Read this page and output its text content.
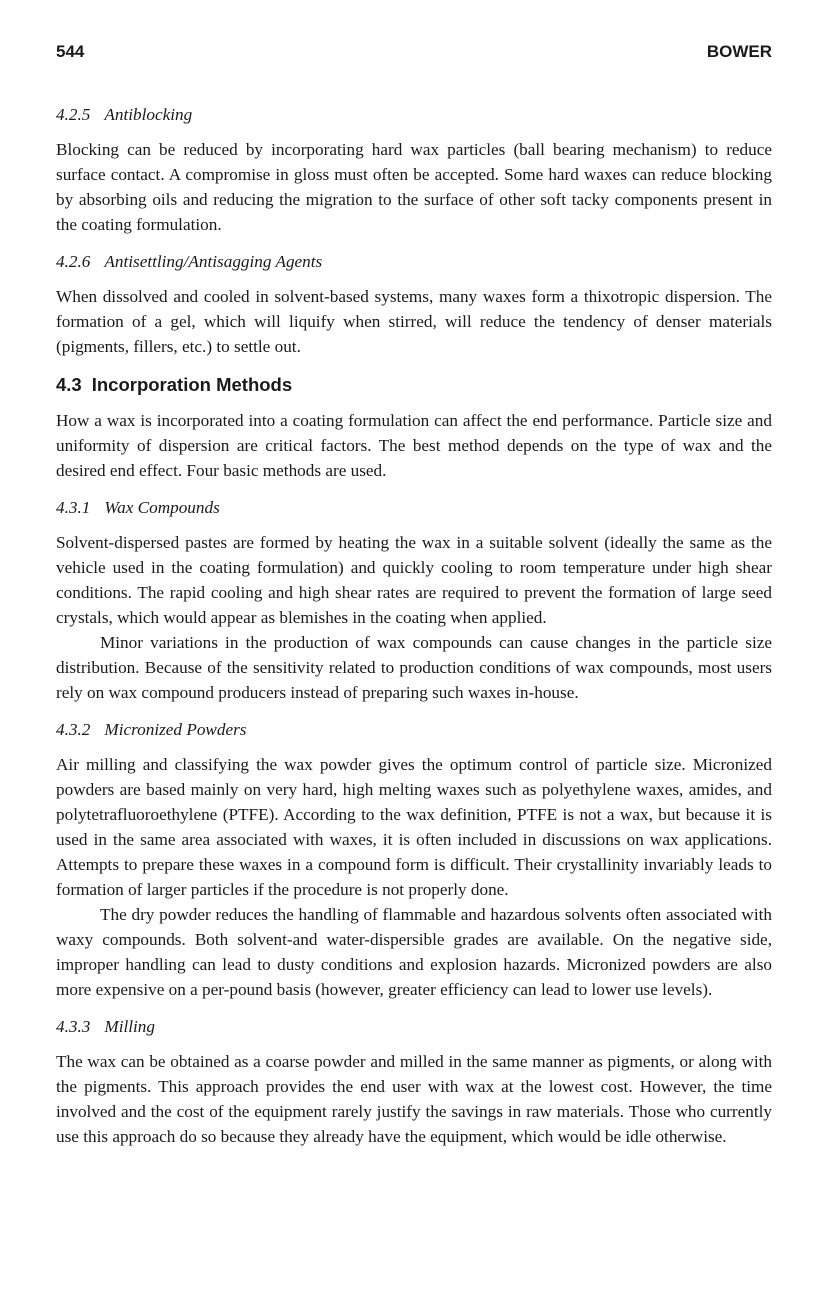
544	BOWER
4.2.5 Antiblocking

Blocking can be reduced by incorporating hard wax particles (ball bearing mechanism) to reduce surface contact. A compromise in gloss must often be accepted. Some hard waxes can reduce blocking by absorbing oils and reducing the migration to the surface of other soft tacky components present in the coating formulation.

4.2.6 Antisettling/Antisagging Agents

When dissolved and cooled in solvent-based systems, many waxes form a thixotropic dispersion. The formation of a gel, which will liquify when stirred, will reduce the tendency of denser materials (pigments, fillers, etc.) to settle out.

4.3 Incorporation Methods

How a wax is incorporated into a coating formulation can affect the end performance. Particle size and uniformity of dispersion are critical factors. The best method depends on the type of wax and the desired end effect. Four basic methods are used.

4.3.1 Wax Compounds

Solvent-dispersed pastes are formed by heating the wax in a suitable solvent (ideally the same as the vehicle used in the coating formulation) and quickly cooling to room temperature under high shear conditions. The rapid cooling and high shear rates are required to prevent the formation of large seed crystals, which would appear as blemishes in the coating when applied.

Minor variations in the production of wax compounds can cause changes in the particle size distribution. Because of the sensitivity related to production conditions of wax compounds, most users rely on wax compound producers instead of preparing such waxes in-house.

4.3.2 Micronized Powders

Air milling and classifying the wax powder gives the optimum control of particle size. Micronized powders are based mainly on very hard, high melting waxes such as polyethylene waxes, amides, and polytetrafluoroethylene (PTFE). According to the wax definition, PTFE is not a wax, but because it is used in the same area associated with waxes, it is often included in discussions on wax applications. Attempts to prepare these waxes in a compound form is difficult. Their crystallinity invariably leads to formation of larger particles if the procedure is not properly done.

The dry powder reduces the handling of flammable and hazardous solvents often associated with waxy compounds. Both solvent-and water-dispersible grades are available. On the negative side, improper handling can lead to dusty conditions and explosion hazards. Micronized powders are also more expensive on a per-pound basis (however, greater efficiency can lead to lower use levels).

4.3.3 Milling

The wax can be obtained as a coarse powder and milled in the same manner as pigments, or along with the pigments. This approach provides the end user with wax at the lowest cost. However, the time involved and the cost of the equipment rarely justify the savings in raw materials. Those who currently use this approach do so because they already have the equipment, which would be idle otherwise.
